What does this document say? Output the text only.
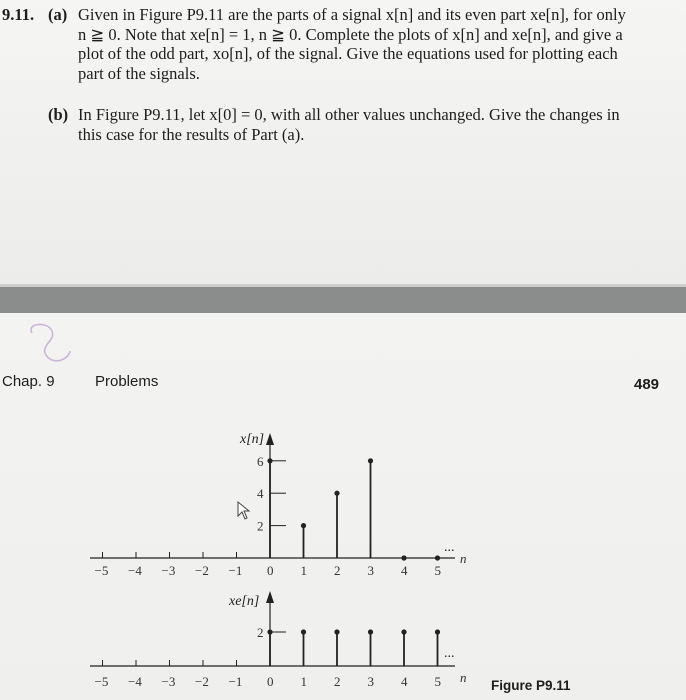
9.11. (a) Given in Figure P9.11 are the parts of a signal x[n] and its even part xe[n], for only
n ≧ 0. Note that xe[n] = 1, n ≧ 0. Complete the plots of x[n] and xe[n], and give a
plot of the odd part, xo[n], of the signal. Give the equations used for plotting each
part of the signals.
(b) In Figure P9.11, let x[0] = 0, with all other values unchanged. Give the changes in
this case for the results of Part (a).
Chap. 9	Problems	489
x[n]
n
−5 −4 −3 −2 −1 0 1 2 3 4 5
2
4
6
...
xe[n]
n
−5 −4 −3 −2 −1 0 1 2 3 4 5
2
...
Figure P9.11
